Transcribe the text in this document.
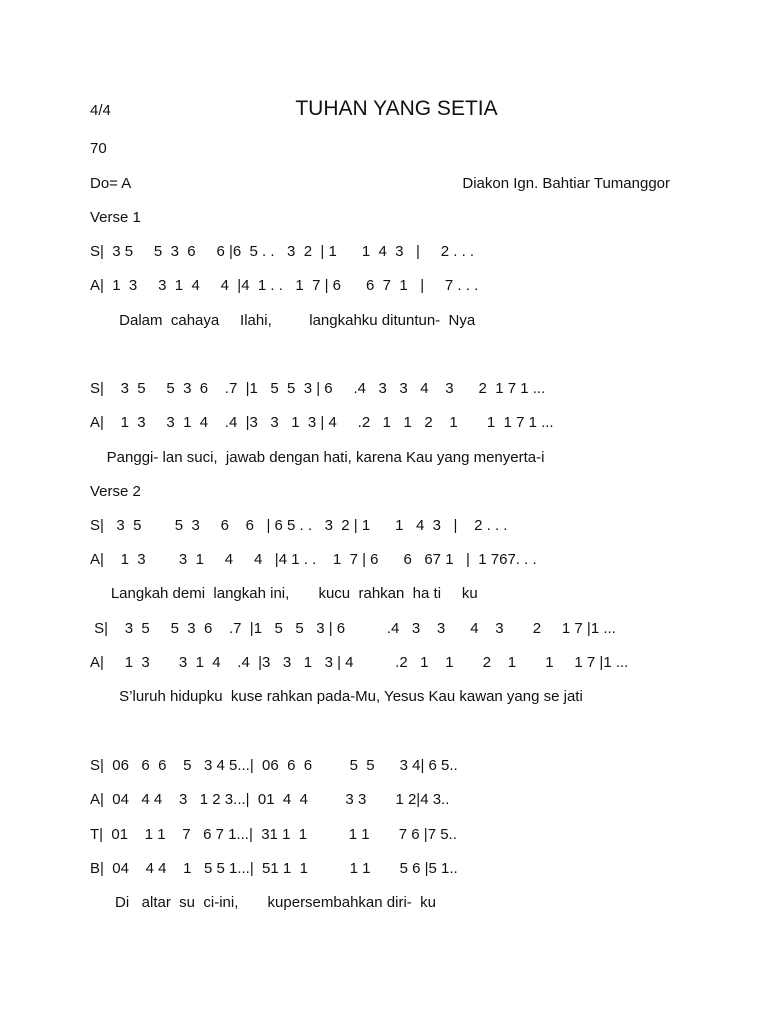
4/4	TUHAN YANG SETIA
70
Do= A	Diakon Ign. Bahtiar Tumanggor
Verse 1
S|  3 5     5  3  6     6 |6  5 . .   3  2  | 1      1  4  3   |     2 . . .
A|  1  3     3  1  4     4  |4  1 . .   1  7 | 6      6  7  1   |     7 . . .
Dalam  cahaya     Ilahi,         langkahku dituntun-  Nya
S|    3  5     5  3  6    .7  |1   5  5  3 | 6     .4   3   3   4    3      2  1 7 1 ...
A|    1  3     3  1  4    .4  |3   3   1  3 | 4     .2   1   1   2    1       1  1 7 1 ...
Panggi- lan suci,  jawab dengan hati, karena Kau yang menyerta-i
Verse 2
S|   3  5        5  3     6    6   | 6 5 . .   3  2 | 1      1   4  3   |    2 . . .
A|    1  3        3  1     4     4   |4 1 . .    1  7 | 6      6   67 1   |  1 767. . .
Langkah demi  langkah ini,       kucu  rahkan  ha ti     ku
S|    3  5     5  3  6    .7  |1   5   5   3 | 6          .4   3    3      4    3       2     1 7 |1 ...
A|     1  3       3  1  4    .4  |3   3   1   3 | 4          .2   1    1       2    1       1     1 7 |1 ...
S’luruh hidupku  kuse rahkan pada-Mu, Yesus Kau kawan yang se jati
S|  06   6  6    5   3 4 5...|  06  6  6         5  5      3 4| 6 5..
A|  04   4 4    3   1 2 3...|  01  4  4         3 3       1 2|4 3..
T|  01    1 1    7   6 7 1...|  31 1  1          1 1       7 6 |7 5..
B|  04    4 4    1   5 5 1...|  51 1  1          1 1       5 6 |5 1..
Di   altar  su  ci-ini,       kupersembahkan diri-  ku
